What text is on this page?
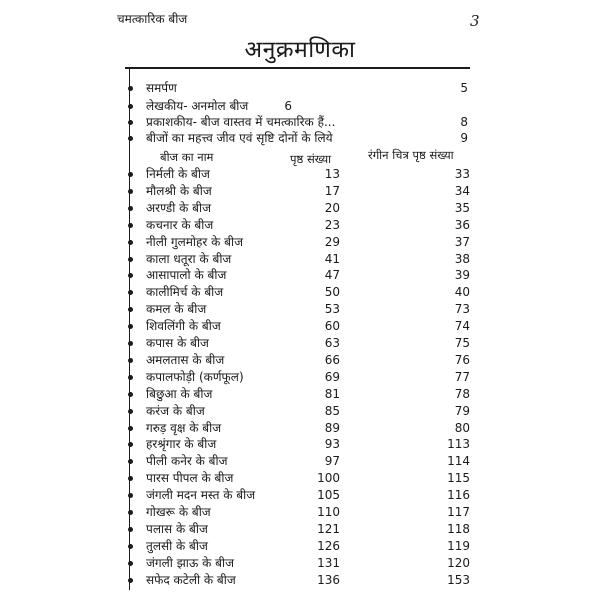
चमत्कारिक बीज	3
अनुक्रमणिका
समर्पण	5
लेखकीय- अनमोल बीज	6
प्रकाशकीय- बीज वास्तव में चमत्कारिक हैं...	8
बीजों का महत्त्व जीव एवं सृष्टि दोनों के लिये	9
बीज का नाम	पृष्ठ संख्या	रंगीन चित्र पृष्ठ संख्या
निर्मली के बीज	13	33
मौलश्री के बीज	17	34
अरण्डी के बीज	20	35
कचनार के बीज	23	36
नीली गुलमोहर के बीज	29	37
काला धतूरा के बीज	41	38
आसापालो के बीज	47	39
कालीमिर्च के बीज	50	40
कमल के बीज	53	73
शिवलिंगी के बीज	60	74
कपास के बीज	63	75
अमलतास के बीज	66	76
कपालफोड़ी (कर्णफूल)	69	77
बिछुआ के बीज	81	78
करंज के बीज	85	79
गरुड़ वृक्ष के बीज	89	80
हरश्रृंगार के बीज	93	113
पीली कनेर के बीज	97	114
पारस पीपल के बीज	100	115
जंगली मदन मस्त के बीज	105	116
गोखरू के बीज	110	117
पलास के बीज	121	118
तुलसी के बीज	126	119
जंगली झाऊ के बीज	131	120
सफेद कटेली के बीज	136	153
